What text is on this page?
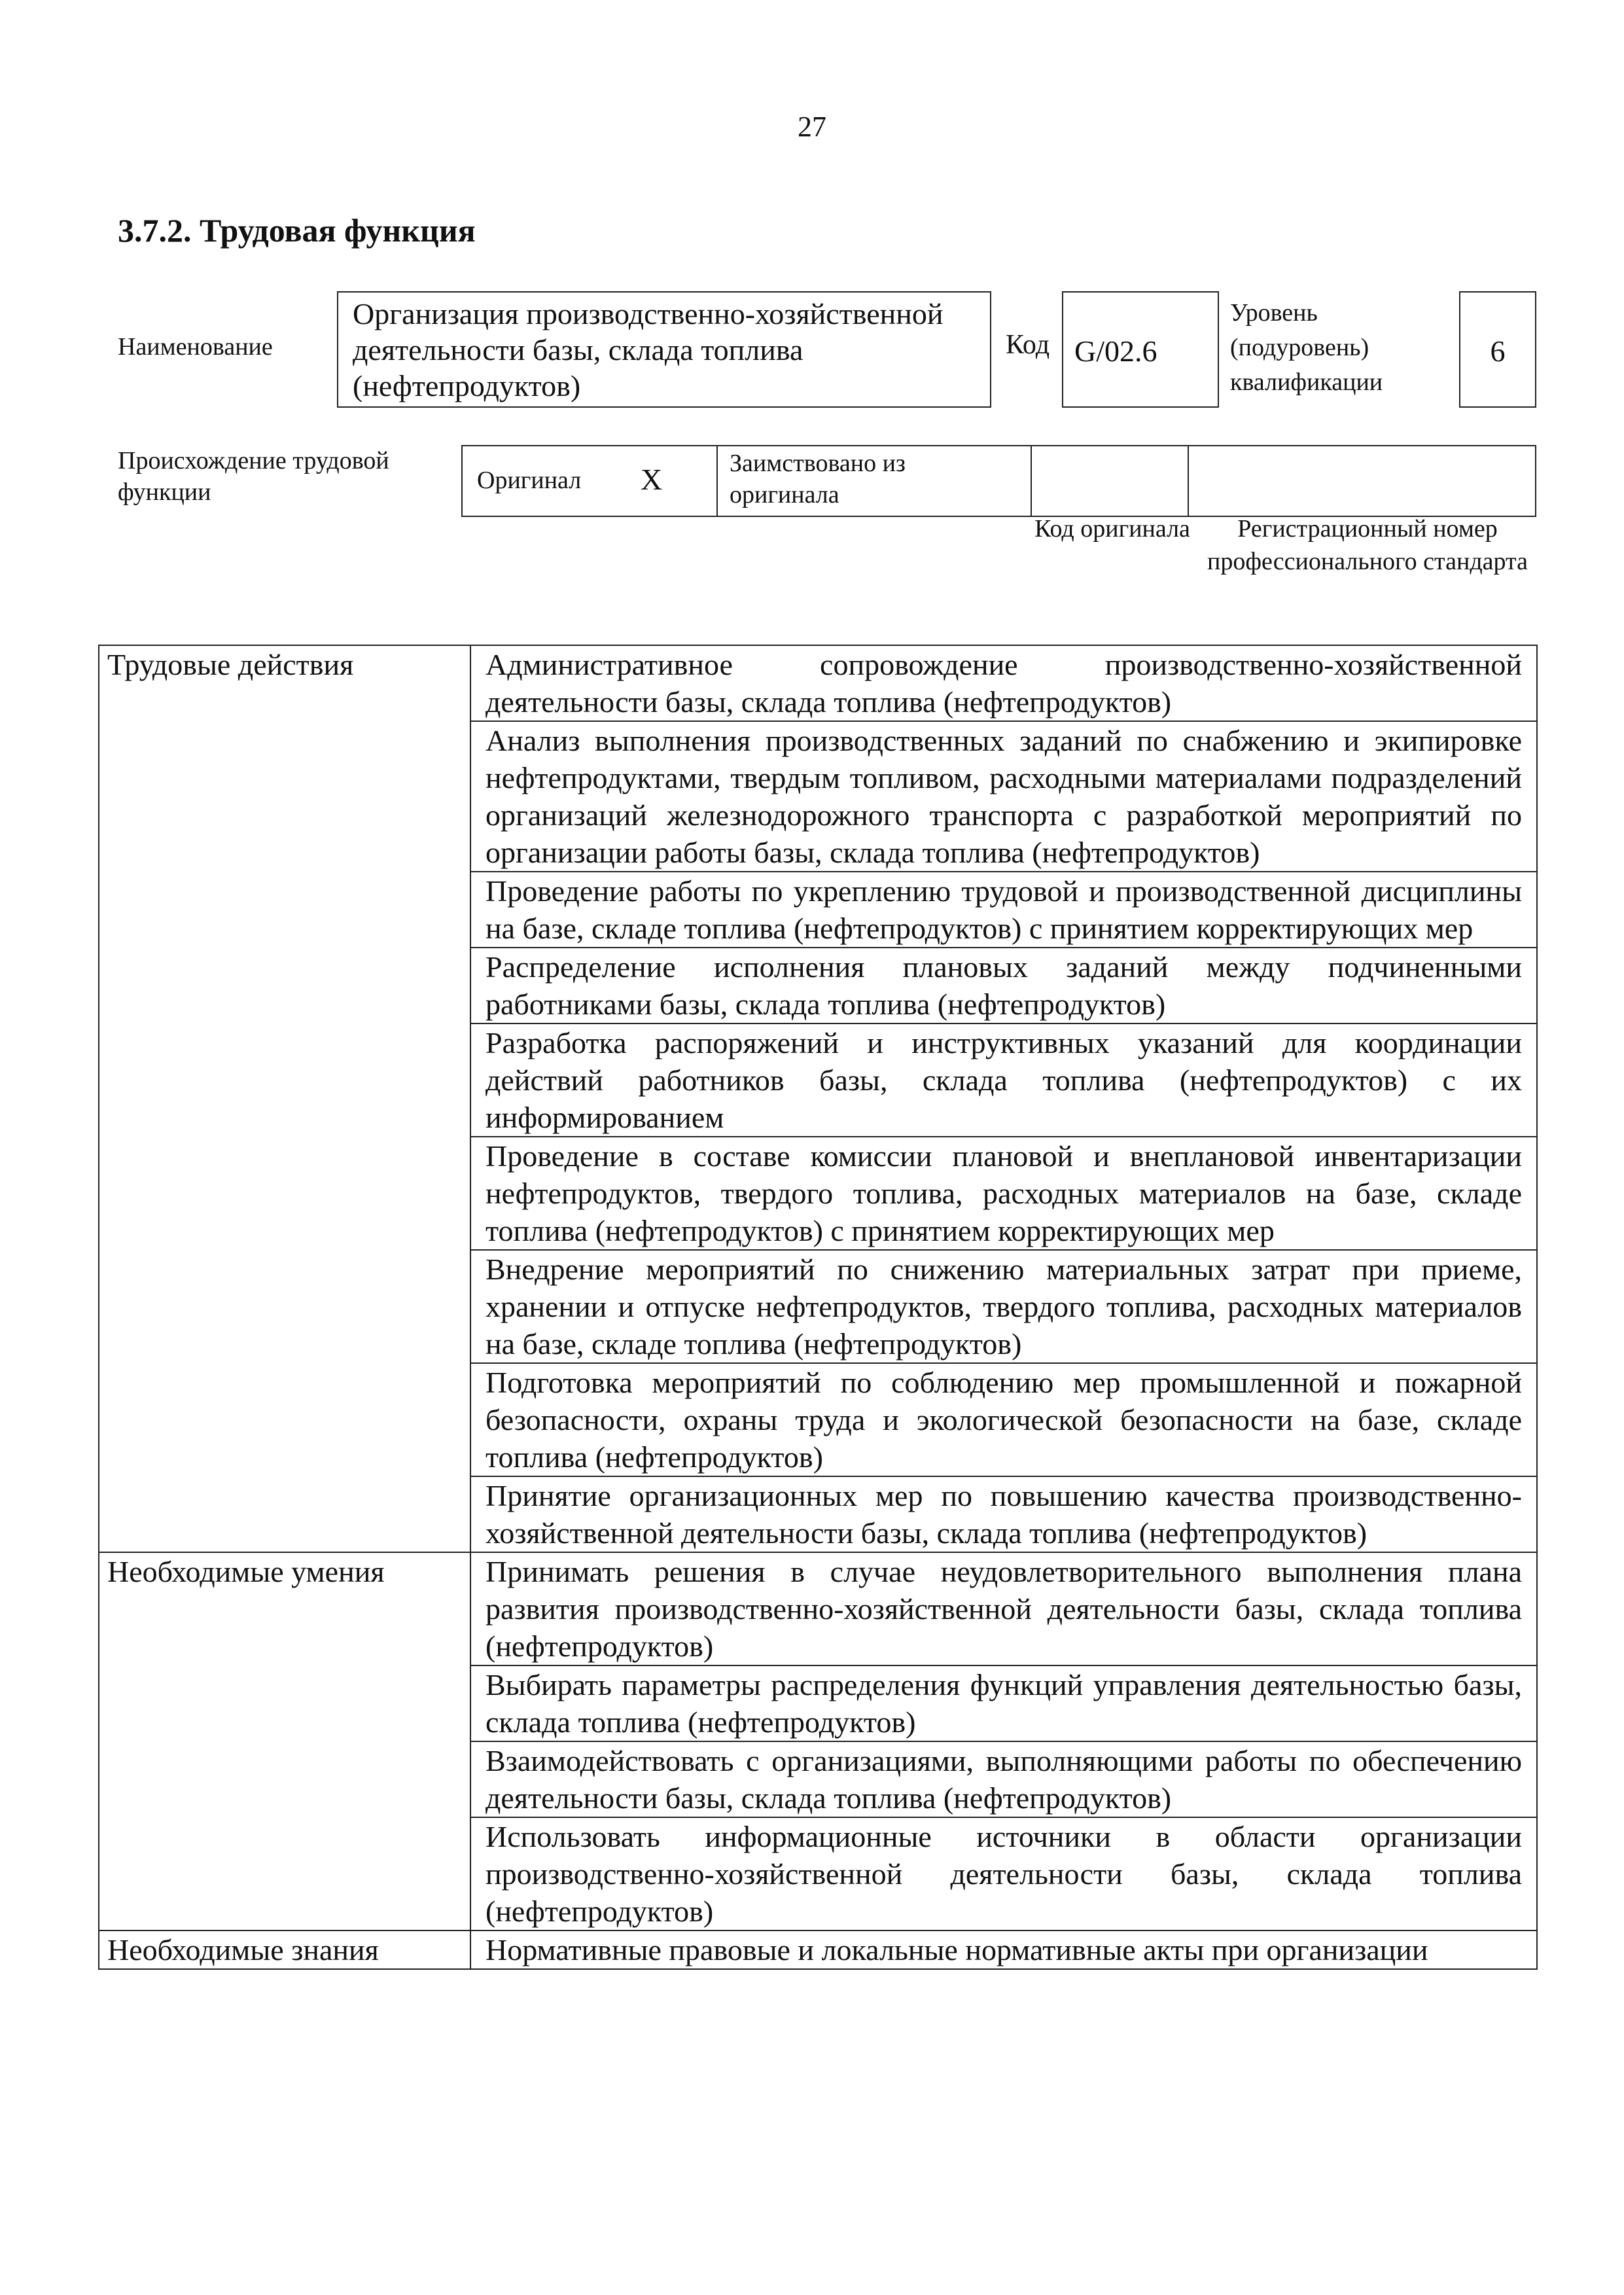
27
3.7.2. Трудовая функция
Наименование
Организация производственно-хозяйственной деятельности базы, склада топлива (нефтепродуктов)
Код G/02.6
Уровень (подуровень) квалификации
6
Происхождение трудовой функции	Оригинал X	Заимствовано из оригинала
Код оригинала	Регистрационный номер профессионального стандарта
Трудовые действия	Административное сопровождение производственно-хозяйственной деятельности базы, склада топлива (нефтепродуктов)
	Анализ выполнения производственных заданий по снабжению и экипировке нефтепродуктами, твердым топливом, расходными материалами подразделений организаций железнодорожного транспорта с разработкой мероприятий по организации работы базы, склада топлива (нефтепродуктов)
	Проведение работы по укреплению трудовой и производственной дисциплины на базе, складе топлива (нефтепродуктов) с принятием корректирующих мер
	Распределение исполнения плановых заданий между подчиненными работниками базы, склада топлива (нефтепродуктов)
	Разработка распоряжений и инструктивных указаний для координации действий работников базы, склада топлива (нефтепродуктов) с их информированием
	Проведение в составе комиссии плановой и внеплановой инвентаризации нефтепродуктов, твердого топлива, расходных материалов на базе, складе топлива (нефтепродуктов) с принятием корректирующих мер
	Внедрение мероприятий по снижению материальных затрат при приеме, хранении и отпуске нефтепродуктов, твердого топлива, расходных материалов на базе, складе топлива (нефтепродуктов)
	Подготовка мероприятий по соблюдению мер промышленной и пожарной безопасности, охраны труда и экологической безопасности на базе, складе топлива (нефтепродуктов)
	Принятие организационных мер по повышению качества производственно-хозяйственной деятельности базы, склада топлива (нефтепродуктов)
Необходимые умения	Принимать решения в случае неудовлетворительного выполнения плана развития производственно-хозяйственной деятельности базы, склада топлива (нефтепродуктов)
	Выбирать параметры распределения функций управления деятельностью базы, склада топлива (нефтепродуктов)
	Взаимодействовать с организациями, выполняющими работы по обеспечению деятельности базы, склада топлива (нефтепродуктов)
	Использовать информационные источники в области организации производственно-хозяйственной деятельности базы, склада топлива (нефтепродуктов)
Необходимые знания	Нормативные правовые и локальные нормативные акты при организации
